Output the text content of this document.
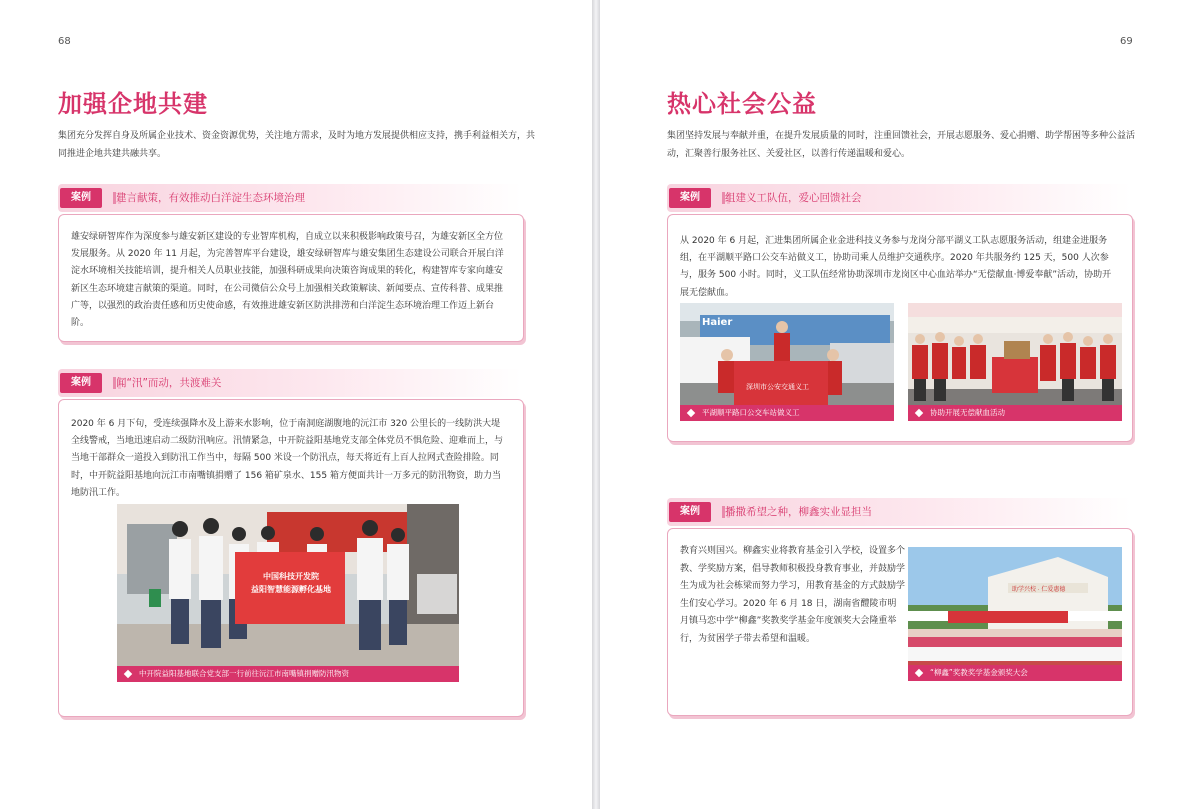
68
加强企地共建
集团充分发挥自身及所属企业技术、资金资源优势，关注地方需求，及时为地方发展提供相应支持，携手利益相关方，共同推进企地共建共融共享。
案例	建言献策，有效推动白洋淀生态环境治理
雄安绿研智库作为深度参与雄安新区建设的专业智库机构，自成立以来积极影响政策号召，为雄安新区全方位发展服务。从 2020 年 11 月起，为完善智库平台建设，雄安绿研智库与雄安集团生态建设公司联合开展白洋淀水环境相关技能培训，提升相关人员职业技能，加强科研成果向决策咨询成果的转化，构建智库专家向雄安新区生态环境建言献策的渠道。同时，在公司微信公众号上加强相关政策解读、新闻要点、宣传科普、成果推广等，以强烈的政治责任感和历史使命感，有效推进雄安新区防洪排涝和白洋淀生态环境治理工作迈上新台阶。
案例	闻“汛”而动，共渡难关
2020 年 6 月下旬，受连续强降水及上游来水影响，位于南洞庭湖腹地的沅江市 320 公里长的一线防洪大堤全线警戒，当地迅速启动二级防汛响应。汛情紧急，中开院益阳基地党支部全体党员不惧危险、迎难而上，与当地干部群众一道投入到防汛工作当中，每隔 500 米设一个防汛点，每天将近有上百人拉网式查险排险。同时，中开院益阳基地向沅江市南嘴镇捐赠了 156 箱矿泉水、155 箱方便面共计一万多元的防汛物资，助力当地防汛工作。
中国科技开发院
益阳智慧能源孵化基地
中开院益阳基地联合党支部一行前往沅江市南嘴镇捐赠防汛物资
69
热心社会公益
集团坚持发展与奉献并重，在提升发展质量的同时，注重回馈社会，开展志愿服务、爱心捐赠、助学帮困等多种公益活动，汇聚善行服务社区、关爱社区，以善行传递温暖和爱心。
案例	组建义工队伍，爱心回馈社会
从 2020 年 6 月起，汇进集团所属企业金进科技义务参与龙岗分部平湖义工队志愿服务活动，组建金进服务组，在平湖顺平路口公交车站做义工，协助司乘人员维护交通秩序。2020 年共服务约 125 天，500 人次参与，服务 500 小时。同时，义工队伍经常协助深圳市龙岗区中心血站举办“无偿献血·博爱奉献”活动，协助开展无偿献血。
深圳市公安交通义工
Haier
平湖顺平路口公交车站做义工	协助开展无偿献血活动
案例	播撒希望之种，柳鑫实业显担当
教育兴则国兴。柳鑫实业将教育基金引入学校，设置多个教、学奖励方案，倡导教师积极投身教育事业，并鼓励学生为成为社会栋梁而努力学习，用教育基金的方式鼓励学生们安心学习。2020 年 6 月 18 日，湖南省醴陵市明月镇马恋中学“柳鑫”奖教奖学基金年度颁奖大会隆重举行，为贫困学子带去希望和温暖。
助学兴校 · 仁爱惠德
“柳鑫”奖教奖学基金颁奖大会
